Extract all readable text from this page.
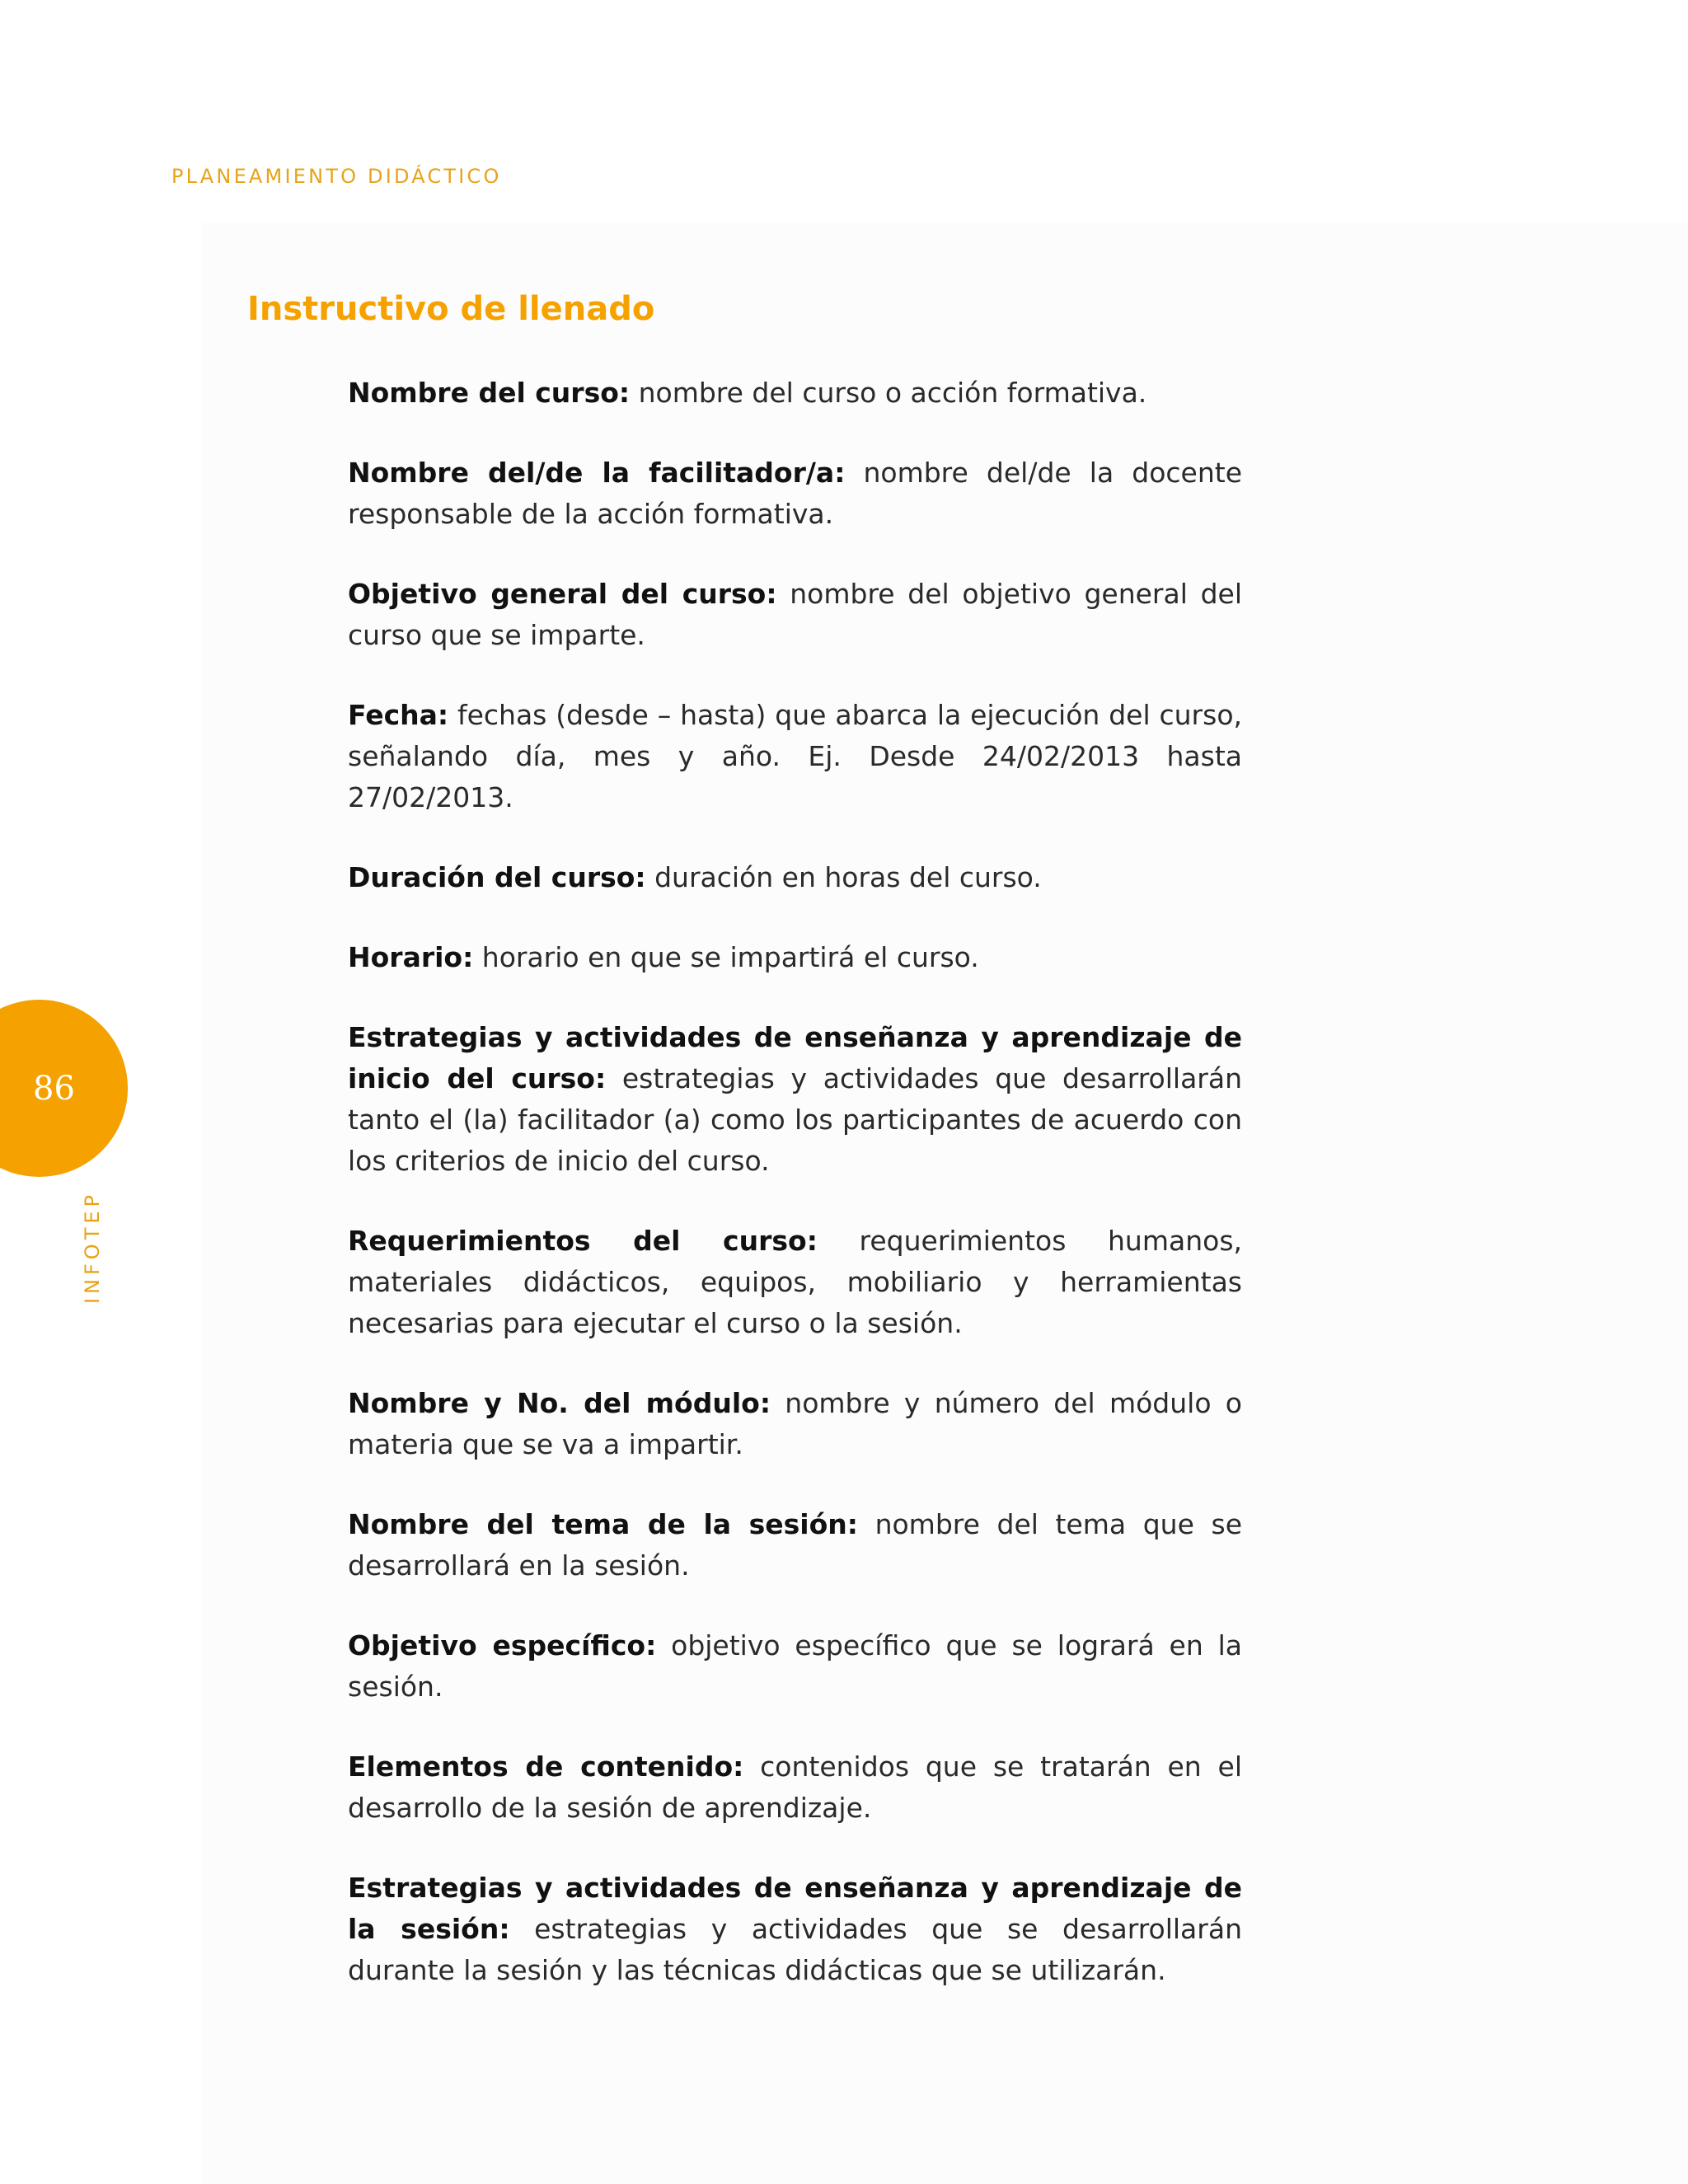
PLANEAMIENTO DIDÁCTICO
Instructivo de llenado

Nombre del curso: nombre del curso o acción formativa.

Nombre del/de la facilitador/a: nombre del/de la docente responsable de la acción formativa.

Objetivo general del curso: nombre del objetivo general del curso que se imparte.

Fecha: fechas (desde – hasta) que abarca la ejecución del curso, señalando día, mes y año. Ej. Desde 24/02/2013 hasta 27/02/2013.

Duración del curso: duración en horas del curso.

Horario: horario en que se impartirá el curso.

Estrategias y actividades de enseñanza y aprendizaje de inicio del curso: estrategias y actividades que desarrollarán tanto el (la) facilitador (a) como los participantes de acuerdo con los criterios de inicio del curso.

Requerimientos del curso: requerimientos humanos, materiales didácticos, equipos, mobiliario y herramientas necesarias para ejecutar el curso o la sesión.

Nombre y No. del módulo: nombre y número del módulo o materia que se va a impartir.

Nombre del tema de la sesión: nombre del tema que se desarrollará en la sesión.

Objetivo específico: objetivo específico que se logrará en la sesión.

Elementos de contenido: contenidos que se tratarán en el desarrollo de la sesión de aprendizaje.

Estrategias y actividades de enseñanza y aprendizaje de la sesión: estrategias y actividades que se desarrollarán durante la sesión y las técnicas didácticas que se utilizarán.

86
INFOTEP
